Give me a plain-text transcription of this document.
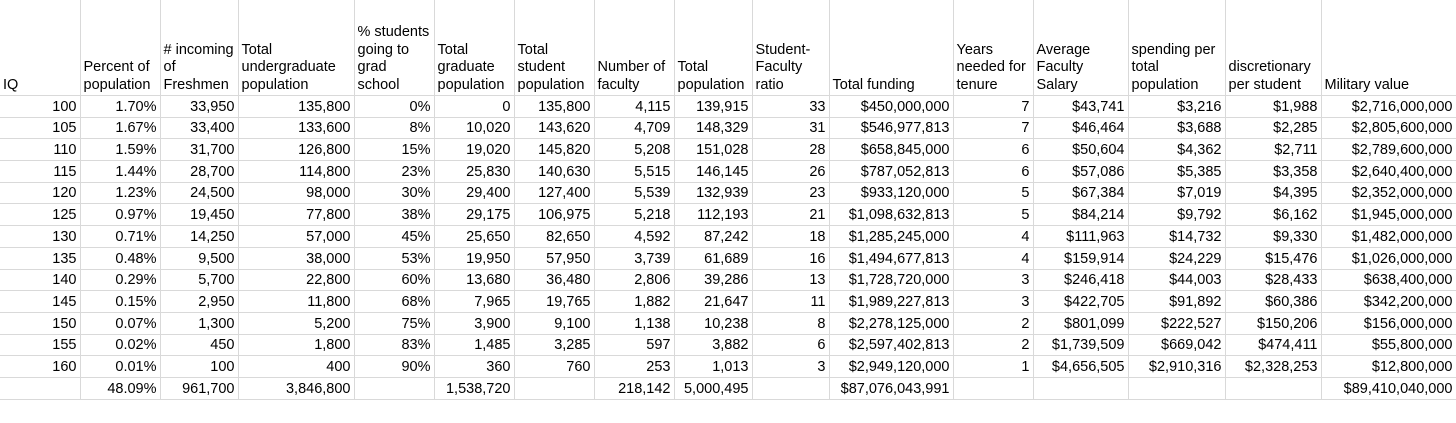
IQ	Percent of population	# incoming of Freshmen	Total undergraduate population	% students going to grad school	Total graduate population	Total student population	Number of faculty	Total population	Student-Faculty ratio	Total funding	Years needed for tenure	Average Faculty Salary	spending per total population	discretionary per student	Military value
100	1.70%	33,950	135,800	0%	0	135,800	4,115	139,915	33	$450,000,000	7	$43,741	$3,216	$1,988	$2,716,000,000
105	1.67%	33,400	133,600	8%	10,020	143,620	4,709	148,329	31	$546,977,813	7	$46,464	$3,688	$2,285	$2,805,600,000
110	1.59%	31,700	126,800	15%	19,020	145,820	5,208	151,028	28	$658,845,000	6	$50,604	$4,362	$2,711	$2,789,600,000
115	1.44%	28,700	114,800	23%	25,830	140,630	5,515	146,145	26	$787,052,813	6	$57,086	$5,385	$3,358	$2,640,400,000
120	1.23%	24,500	98,000	30%	29,400	127,400	5,539	132,939	23	$933,120,000	5	$67,384	$7,019	$4,395	$2,352,000,000
125	0.97%	19,450	77,800	38%	29,175	106,975	5,218	112,193	21	$1,098,632,813	5	$84,214	$9,792	$6,162	$1,945,000,000
130	0.71%	14,250	57,000	45%	25,650	82,650	4,592	87,242	18	$1,285,245,000	4	$111,963	$14,732	$9,330	$1,482,000,000
135	0.48%	9,500	38,000	53%	19,950	57,950	3,739	61,689	16	$1,494,677,813	4	$159,914	$24,229	$15,476	$1,026,000,000
140	0.29%	5,700	22,800	60%	13,680	36,480	2,806	39,286	13	$1,728,720,000	3	$246,418	$44,003	$28,433	$638,400,000
145	0.15%	2,950	11,800	68%	7,965	19,765	1,882	21,647	11	$1,989,227,813	3	$422,705	$91,892	$60,386	$342,200,000
150	0.07%	1,300	5,200	75%	3,900	9,100	1,138	10,238	8	$2,278,125,000	2	$801,099	$222,527	$150,206	$156,000,000
155	0.02%	450	1,800	83%	1,485	3,285	597	3,882	6	$2,597,402,813	2	$1,739,509	$669,042	$474,411	$55,800,000
160	0.01%	100	400	90%	360	760	253	1,013	3	$2,949,120,000	1	$4,656,505	$2,910,316	$2,328,253	$12,800,000
	48.09%	961,700	3,846,800		1,538,720		218,142	5,000,495		$87,076,043,991					$89,410,040,000
